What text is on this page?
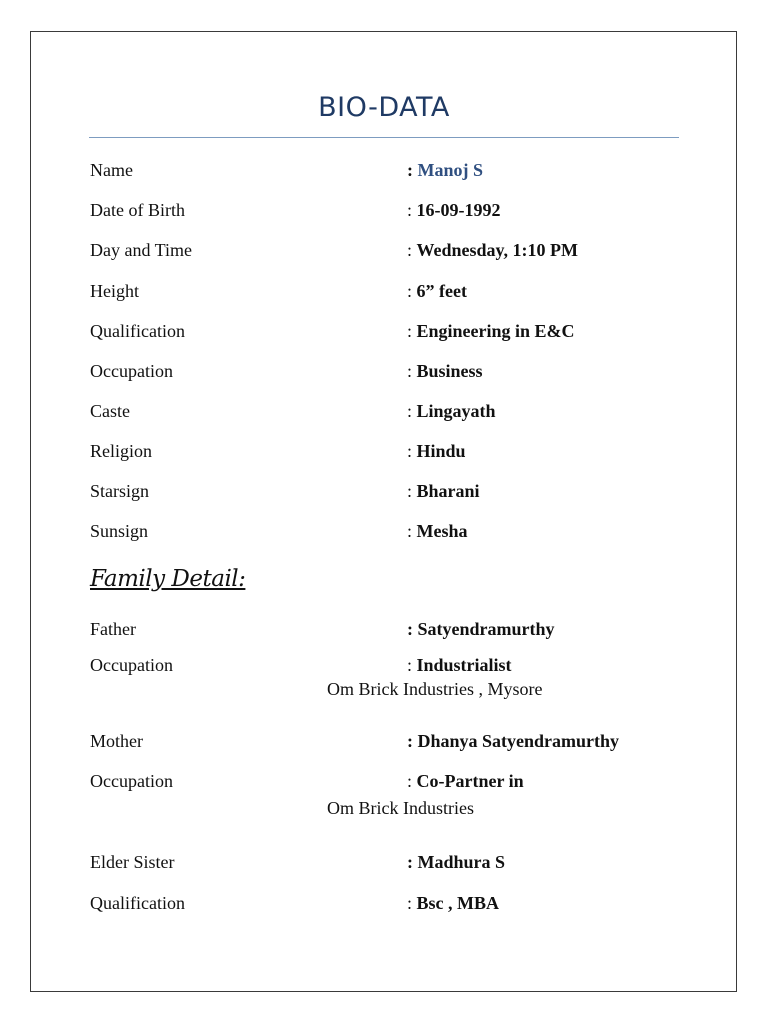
BIO-DATA
Name	: Manoj S
Date of Birth	: 16-09-1992
Day and Time	: Wednesday, 1:10 PM
Height	: 6” feet
Qualification	: Engineering in E&C
Occupation	: Business
Caste	: Lingayath
Religion	: Hindu
Starsign	: Bharani
Sunsign	: Mesha
Family Detail:
Father	: Satyendramurthy
Occupation	: Industrialist
Om Brick Industries , Mysore
Mother	: Dhanya Satyendramurthy
Occupation	: Co-Partner in
Om Brick Industries
Elder Sister	: Madhura S
Qualification	: Bsc , MBA
